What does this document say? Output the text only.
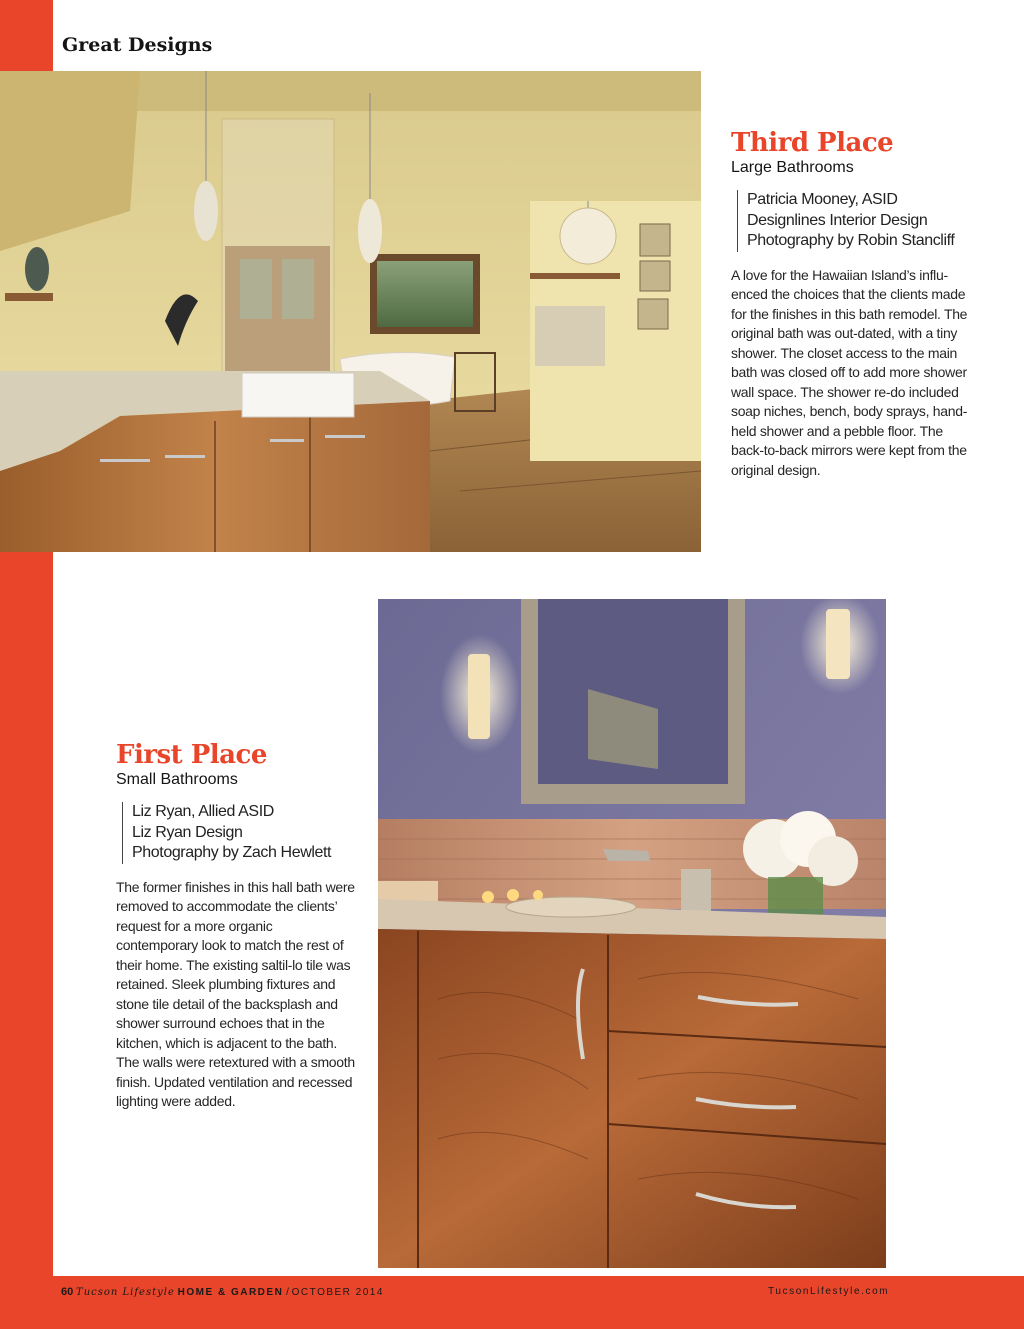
Great Designs
Third Place

Large Bathrooms

Patricia Mooney, ASID
Designlines Interior Design
Photography by Robin Stancliff

A love for the Hawaiian Island’s influ-enced the choices that the clients made for the finishes in this bath remodel. The original bath was out-dated, with a tiny shower. The closet access to the main bath was closed off to add more shower wall space. The shower re-do included soap niches, bench, body sprays, hand-held shower and a pebble floor. The back-to-back mirrors were kept from the original design.

First Place

Small Bathrooms

Liz Ryan, Allied ASID
Liz Ryan Design
Photography by Zach Hewlett

The former finishes in this hall bath were removed to accommodate the clients’ request for a more organic contemporary look to match the rest of their home. The existing saltil-lo tile was retained. Sleek plumbing fixtures and stone tile detail of the backsplash and shower surround echoes that in the kitchen, which is adjacent to the bath. The walls were retextured with a smooth finish. Updated ventilation and recessed lighting were added.

60 Tucson Lifestyle HOME & GARDEN / OCTOBER 2014	TucsonLifestyle.com
